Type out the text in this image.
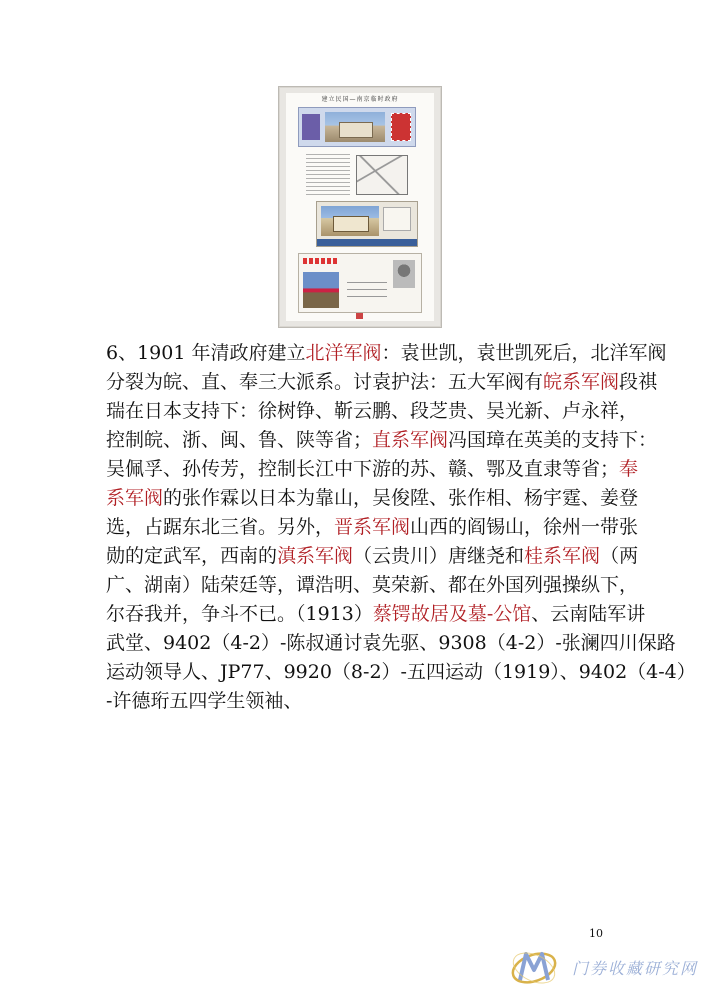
建立民国—南京临时政府
6、1901 年清政府建立北洋军阀：袁世凯，袁世凯死后，北洋军阀
分裂为皖、直、奉三大派系。讨袁护法：五大军阀有皖系军阀段祺
瑞在日本支持下：徐树铮、靳云鹏、段芝贵、吴光新、卢永祥，
控制皖、浙、闽、鲁、陕等省；直系军阀冯国璋在英美的支持下：
吴佩孚、孙传芳，控制长江中下游的苏、赣、鄂及直隶等省；奉
系军阀的张作霖以日本为靠山，吴俊陞、张作相、杨宇霆、姜登
选，占踞东北三省。另外，晋系军阀山西的阎锡山，徐州一带张
勋的定武军，西南的滇系军阀（云贵川）唐继尧和桂系军阀（两
广、湖南）陆荣廷等，谭浩明、莫荣新、都在外国列强操纵下，
尔吞我并，争斗不已。（1913）蔡锷故居及墓-公馆、云南陆军讲
武堂、9402（4-2）-陈叔通讨袁先驱、9308（4-2）-张澜四川保路
运动领导人、JP77、9920（8-2）-五四运动（1919）、9402（4-4）
-许德珩五四学生领袖、
10
门券收藏研究网
